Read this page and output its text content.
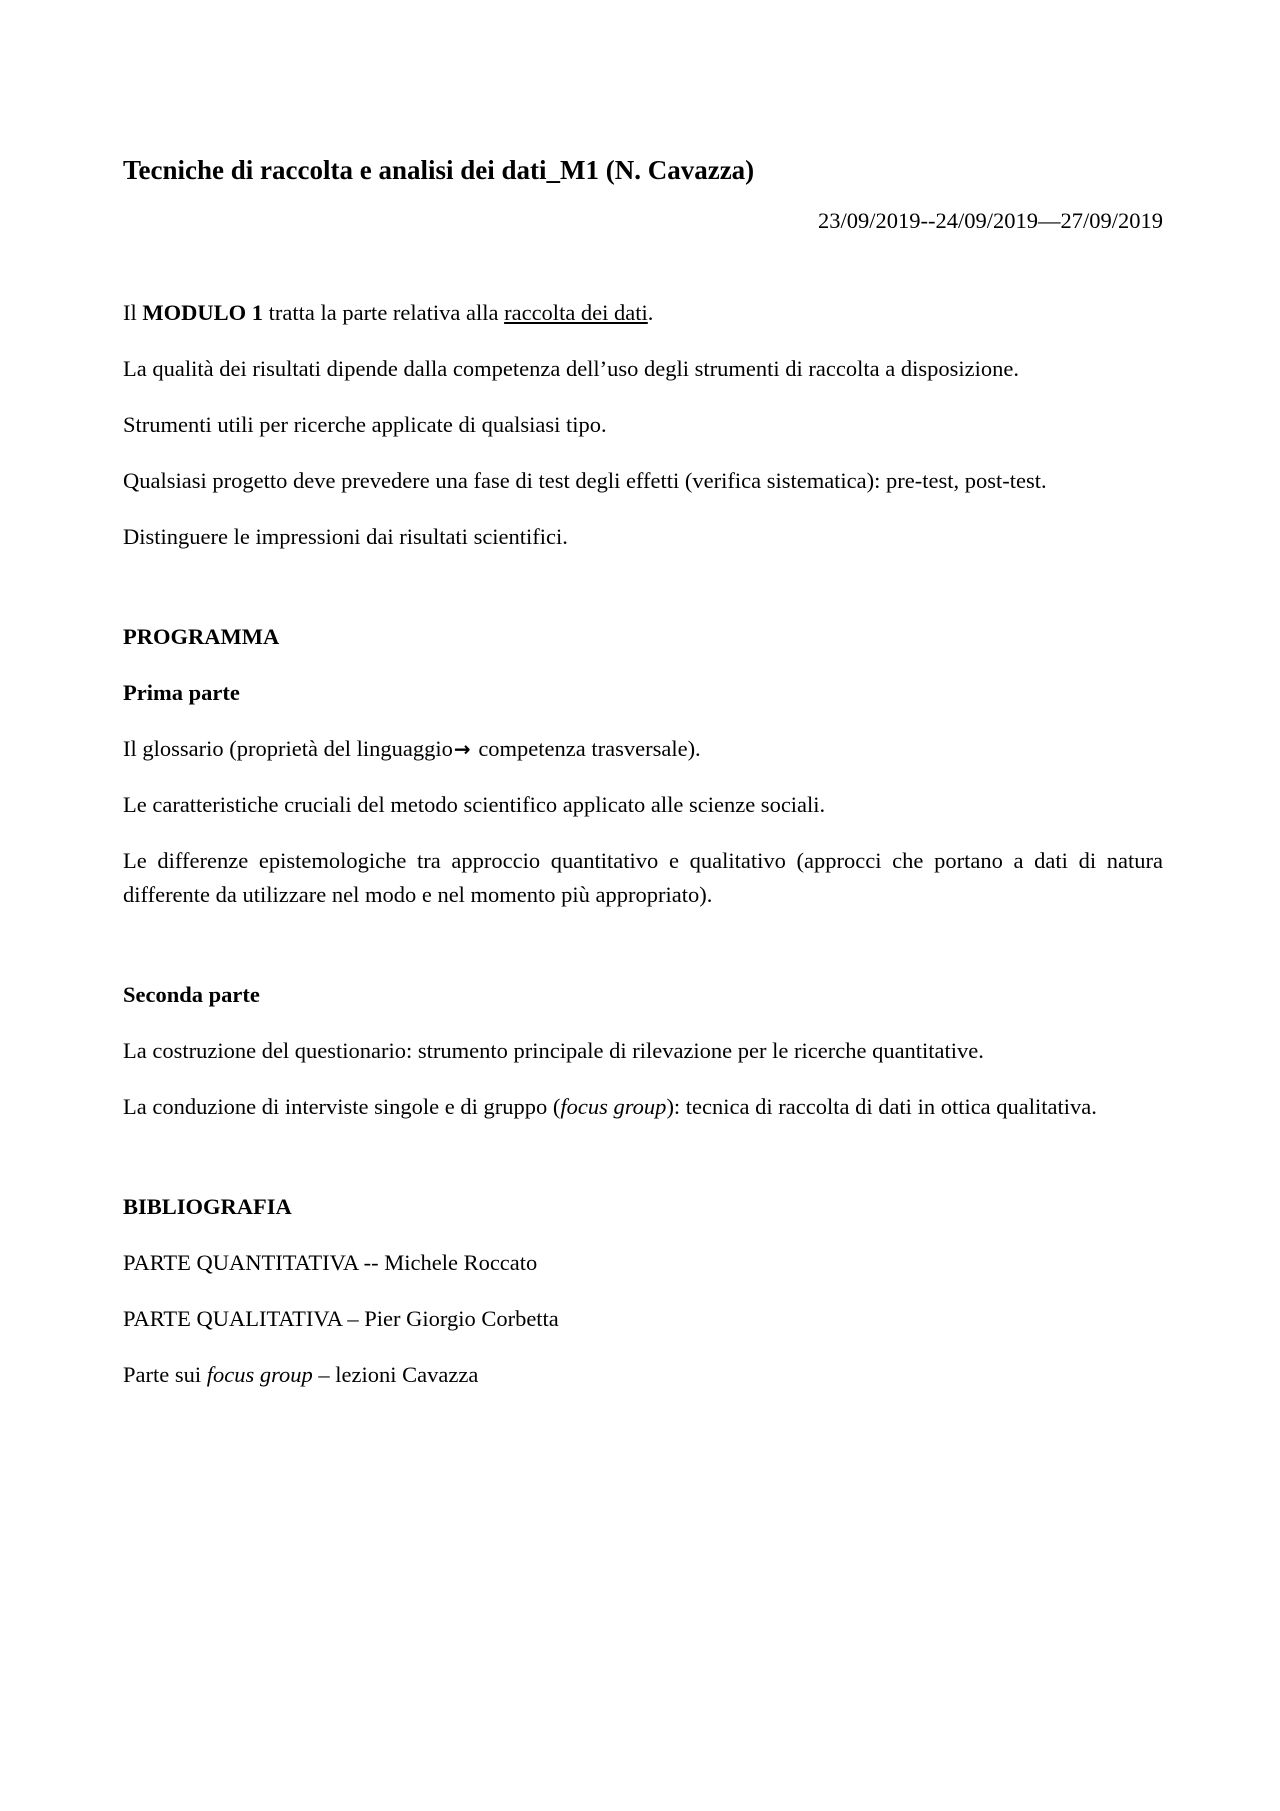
Tecniche di raccolta e analisi dei dati_M1 (N. Cavazza)
23/09/2019--24/09/2019—27/09/2019

Il MODULO 1 tratta la parte relativa alla raccolta dei dati.

La qualità dei risultati dipende dalla competenza dell’uso degli strumenti di raccolta a disposizione.

Strumenti utili per ricerche applicate di qualsiasi tipo.

Qualsiasi progetto deve prevedere una fase di test degli effetti (verifica sistematica): pre-test, post-test.

Distinguere le impressioni dai risultati scientifici.

PROGRAMMA
Prima parte

Il glossario (proprietà del linguaggio→ competenza trasversale).

Le caratteristiche cruciali del metodo scientifico applicato alle scienze sociali.

Le differenze epistemologiche tra approccio quantitativo e qualitativo (approcci che portano a dati di natura differente da utilizzare nel modo e nel momento più appropriato).

Seconda parte

La costruzione del questionario: strumento principale di rilevazione per le ricerche quantitative.

La conduzione di interviste singole e di gruppo (focus group): tecnica di raccolta di dati in ottica qualitativa.

BIBLIOGRAFIA

PARTE QUANTITATIVA -- Michele Roccato

PARTE QUALITATIVA – Pier Giorgio Corbetta

Parte sui focus group – lezioni Cavazza
